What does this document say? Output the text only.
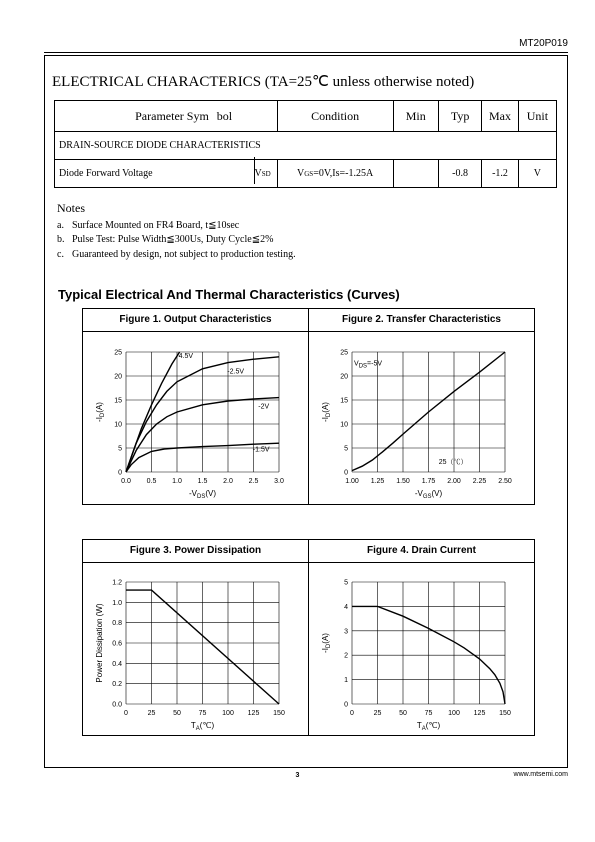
MT20P019
ELECTRICAL CHARACTERICS (TA=25℃ unless otherwise noted)
Parameter Sym	bol	Condition	Min	Typ	Max	Unit
DRAIN-SOURCE DIODE CHARACTERISTICS						
Diode Forward Voltage VSD		VGS=0V,Is=-1.25A		-0.8	-1.2	V
Notes
a. Surface Mounted on FR4 Board, t≦10sec
b. Pulse Test: Pulse Width≦300Us, Duty Cycle≦2%
c. Guaranteed by design, not subject to production testing.
Typical Electrical And Thermal Characteristics (Curves)
Figure 1. Output Characteristics	Figure 2. Transfer Characteristics
Figure 3. Power Dissipation	Figure 4. Drain Current
0.0 0.5 1.0 1.5 2.0 2.5 3.0
0
5
10
15
20
25
$-V_{DS}(V)$
$-I_D(A)$
-4.5V
-2.5V
-2V
-1.5V
1.00 1.25 1.50 1.75 2.00 2.25 2.50
0
5
10
15
20
25
$-V_{GS}(V)$
$-I_D(A)$
VDS=-5V
25（℃）
0	25	50	75 100 125 150
0.0
0.2
0.4
0.6
0.8
1.0
1.2
$T_A(℃)$
Power Dissipation (W)
0	25	50	75 100 125 150
0
1
2
3
4
5
$T_A(℃)$
$-I_D(A)$
3	www.mtsemi.com
